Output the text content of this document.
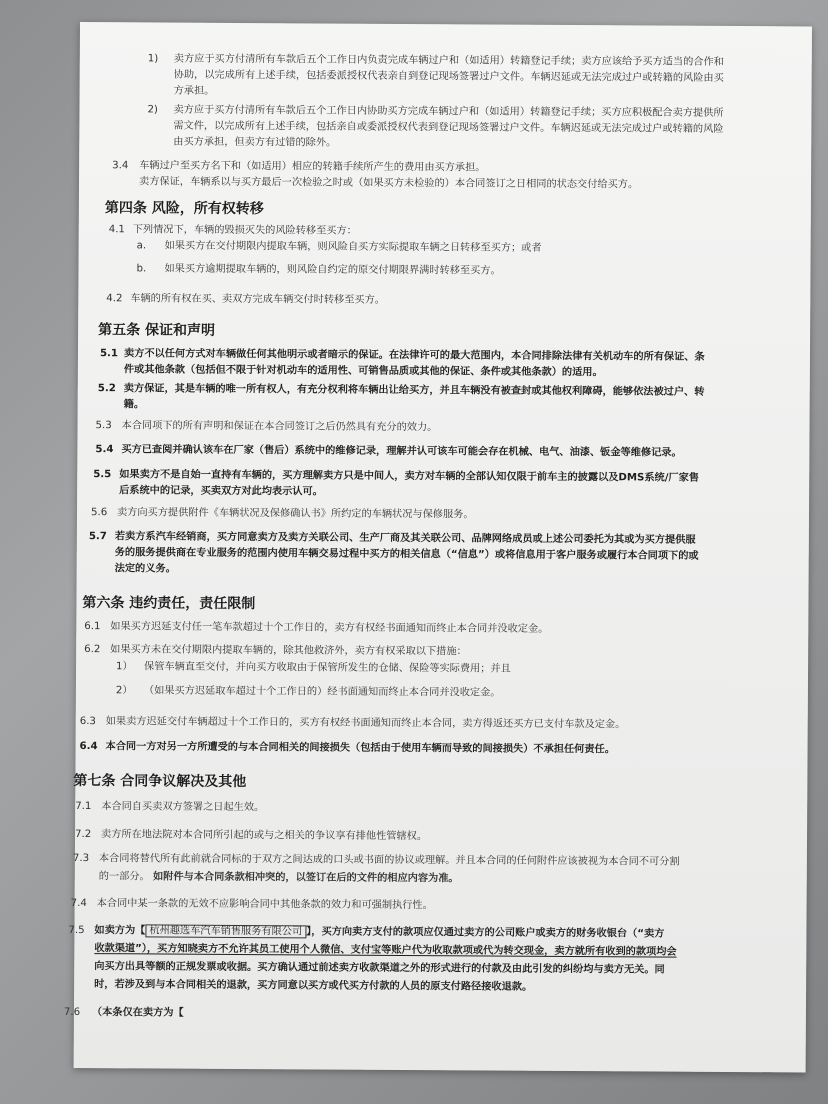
1) 卖方应于买方付清所有车款后五个工作日内负责完成车辆过户和（如适用）转籍登记手续；卖方应该给予买方适当的合作和
协助，以完成所有上述手续，包括委派授权代表亲自到登记现场签署过户文件。车辆迟延或无法完成过户或转籍的风险由买
方承担。
2) 卖方应于买方付清所有车款后五个工作日内协助买方完成车辆过户和（如适用）转籍登记手续；买方应积极配合卖方提供所
需文件，以完成所有上述手续，包括亲自或委派授权代表到登记现场签署过户文件。车辆迟延或无法完成过户或转籍的风险
由买方承担，但卖方有过错的除外。
3.4 车辆过户至买方名下和（如适用）相应的转籍手续所产生的费用由买方承担。
卖方保证，车辆系以与买方最后一次检验之时或（如果买方未检验的）本合同签订之日相同的状态交付给买方。
第四条 风险，所有权转移
4.1 下列情况下，车辆的毁损灭失的风险转移至买方：
a. 如果买方在交付期限内提取车辆，则风险自买方实际提取车辆之日转移至买方；或者
b. 如果买方逾期提取车辆的，则风险自约定的原交付期限界满时转移至买方。
4.2 车辆的所有权在买、卖双方完成车辆交付时转移至买方。
第五条 保证和声明
5.1 卖方不以任何方式对车辆做任何其他明示或者暗示的保证。在法律许可的最大范围内，本合同排除法律有关机动车的所有保证、条
件或其他条款（包括但不限于针对机动车的适用性、可销售品质或其他的保证、条件或其他条款）的适用。
5.2 卖方保证，其是车辆的唯一所有权人，有充分权利将车辆出让给买方，并且车辆没有被查封或其他权利障碍，能够依法被过户、转
籍。
5.3 本合同项下的所有声明和保证在本合同签订之后仍然具有充分的效力。
5.4 买方已查阅并确认该车在厂家（售后）系统中的维修记录，理解并认可该车可能会存在机械、电气、油漆、钣金等维修记录。
5.5 如果卖方不是自始一直持有车辆的，买方理解卖方只是中间人，卖方对车辆的全部认知仅限于前车主的披露以及DMS系统/厂家售
后系统中的记录，买卖双方对此均表示认可。
5.6 卖方向买方提供附件《车辆状况及保修确认书》所约定的车辆状况与保修服务。
5.7 若卖方系汽车经销商，买方同意卖方及卖方关联公司、生产厂商及其关联公司、品牌网络成员或上述公司委托为其或为买方提供服
务的服务提供商在专业服务的范围内使用车辆交易过程中买方的相关信息（“信息”）或将信息用于客户服务或履行本合同项下的或
法定的义务。
第六条 违约责任，责任限制
6.1 如果买方迟延支付任一笔车款超过十个工作日的，卖方有权经书面通知而终止本合同并没收定金。
6.2 如果买方未在交付期限内提取车辆的，除其他救济外，卖方有权采取以下措施：
1） 保管车辆直至交付，并向买方收取由于保管所发生的仓储、保险等实际费用；并且
2） （如果买方迟延取车超过十个工作日的）经书面通知而终止本合同并没收定金。
6.3 如果卖方迟延交付车辆超过十个工作日的，买方有权经书面通知而终止本合同，卖方得返还买方已支付车款及定金。
6.4 本合同一方对另一方所遭受的与本合同相关的间接损失（包括由于使用车辆而导致的间接损失）不承担任何责任。
第七条 合同争议解决及其他
7.1 本合同自买卖双方签署之日起生效。
7.2 卖方所在地法院对本合同所引起的或与之相关的争议享有排他性管辖权。
7.3 本合同将替代所有此前就合同标的于双方之间达成的口头或书面的协议或理解。并且本合同的任何附件应该被视为本合同不可分割
的一部分。 如附件与本合同条款相冲突的，以签订在后的文件的相应内容为准。
7.4 本合同中某一条款的无效不应影响合同中其他条款的效力和可强制执行性。
7.5 如卖方为【 杭州趣选车汽车销售服务有限公司 】，买方向卖方支付的款项应仅通过卖方的公司账户或卖方的财务收银台（“卖方
收款渠道”），买方知晓卖方不允许其员工使用个人微信、支付宝等账户代为收取款项或代为转交现金，卖方就所有收到的款项均会
向买方出具等额的正规发票或收据。买方确认通过前述卖方收款渠道之外的形式进行的付款及由此引发的纠纷均与卖方无关。同
时，若涉及到与本合同相关的退款，买方同意以买方或代买方付款的人员的原支付路径接收退款。
7.6 （本条仅在卖方为【
